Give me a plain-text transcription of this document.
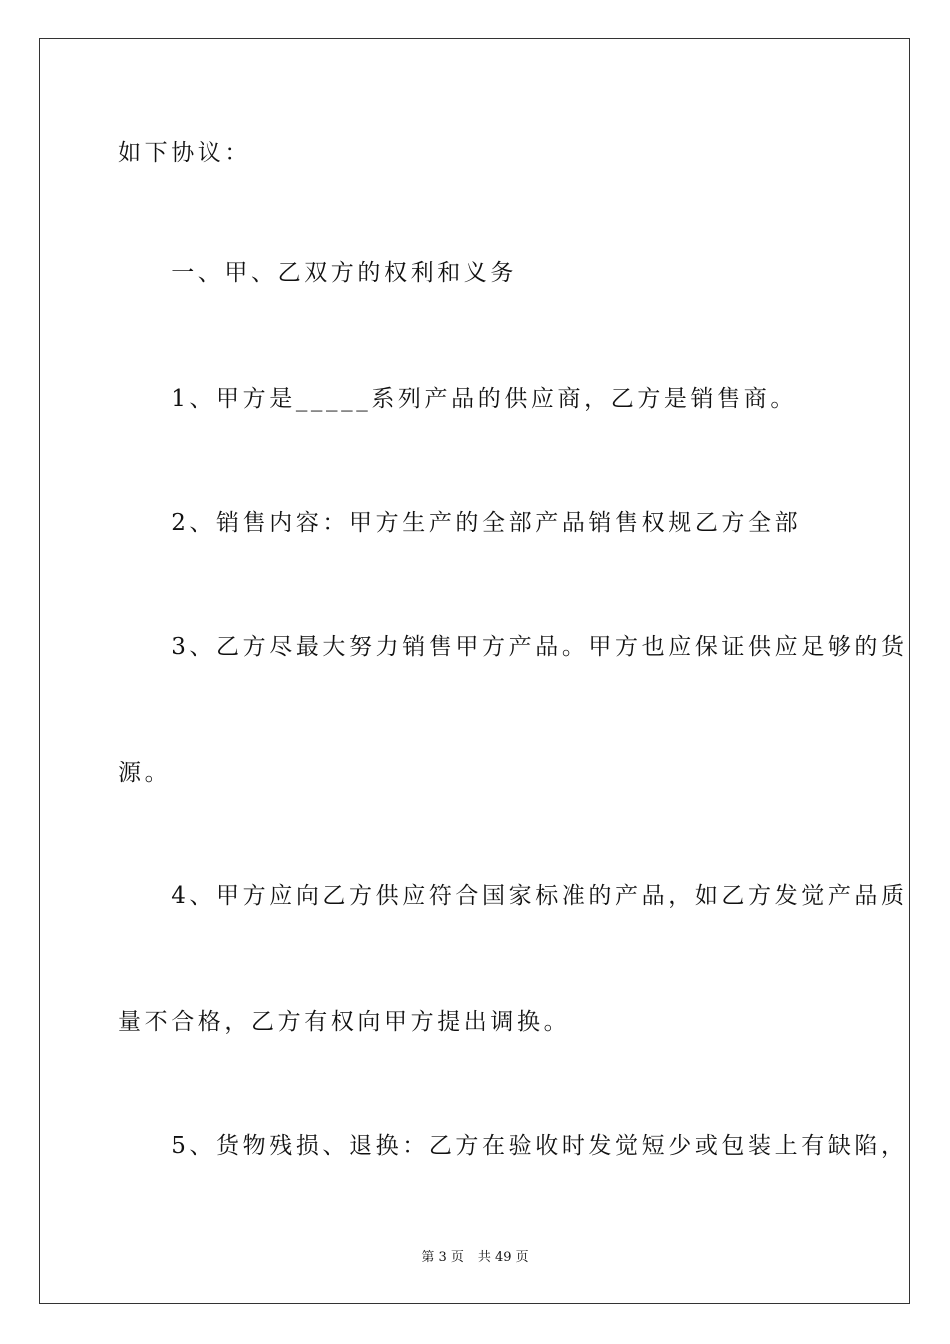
如下协议：
　　一、甲、乙双方的权利和义务
　　1、甲方是_____系列产品的供应商，乙方是销售商。
　　2、销售内容：甲方生产的全部产品销售权规乙方全部
　　3、乙方尽最大努力销售甲方产品。甲方也应保证供应足够的货
源。
　　4、甲方应向乙方供应符合国家标准的产品，如乙方发觉产品质
量不合格，乙方有权向甲方提出调换。
　　5、货物残损、退换：乙方在验收时发觉短少或包装上有缺陷，
第 3 页 共 49 页
